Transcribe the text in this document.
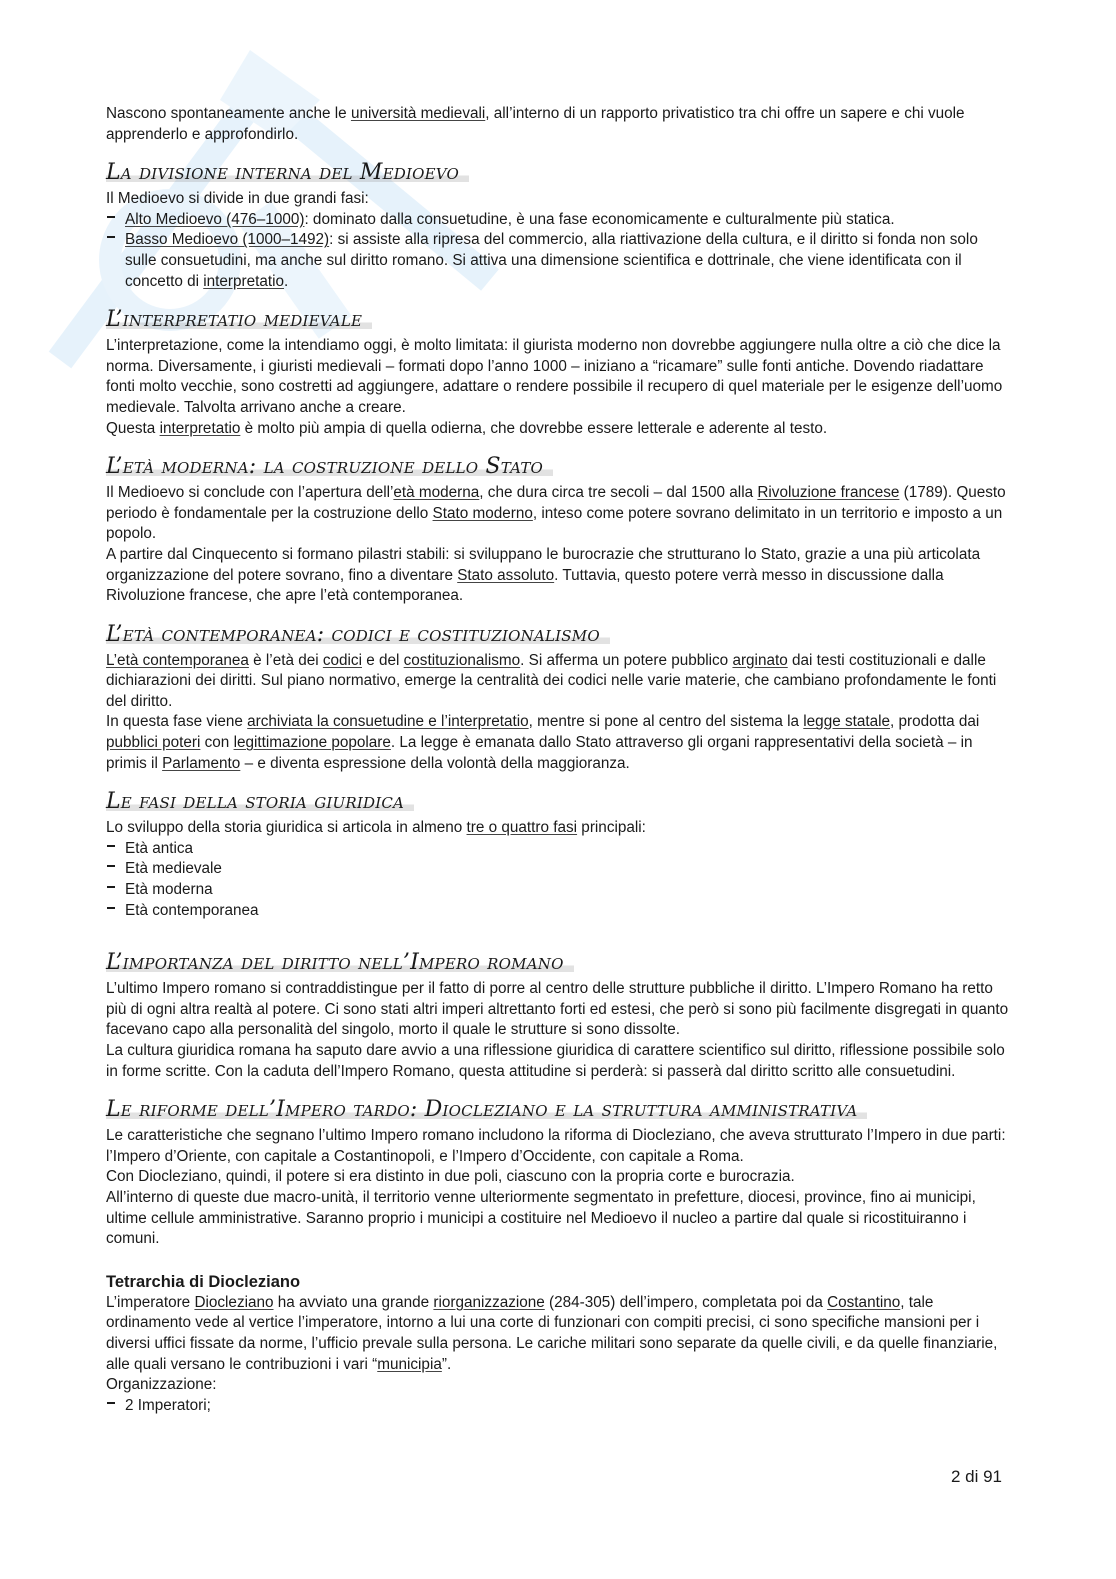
Nascono spontaneamente anche le università medievali, all’interno di un rapporto privatistico tra chi offre un sapere e chi vuole apprenderlo e approfondirlo.

La divisione interna del Medioevo

Il Medioevo si divide in due grandi fasi:

Alto Medioevo (476–1000): dominato dalla consuetudine, è una fase economicamente e culturalmente più statica.
Basso Medioevo (1000–1492): si assiste alla ripresa del commercio, alla riattivazione della cultura, e il diritto si fonda non solo sulle consuetudini, ma anche sul diritto romano. Si attiva una dimensione scientifica e dottrinale, che viene identificata con il concetto di interpretatio.
L’interpretatio medievale

L’interpretazione, come la intendiamo oggi, è molto limitata: il giurista moderno non dovrebbe aggiungere nulla oltre a ciò che dice la norma. Diversamente, i giuristi medievali – formati dopo l’anno 1000 – iniziano a “ricamare” sulle fonti antiche. Dovendo riadattare fonti molto vecchie, sono costretti ad aggiungere, adattare o rendere possibile il recupero di quel materiale per le esigenze dell’uomo medievale. Talvolta arrivano anche a creare.

Questa interpretatio è molto più ampia di quella odierna, che dovrebbe essere letterale e aderente al testo.

L’età moderna: la costruzione dello Stato

Il Medioevo si conclude con l’apertura dell’età moderna, che dura circa tre secoli – dal 1500 alla Rivoluzione francese (1789). Questo periodo è fondamentale per la costruzione dello Stato moderno, inteso come potere sovrano delimitato in un territorio e imposto a un popolo.

A partire dal Cinquecento si formano pilastri stabili: si sviluppano le burocrazie che strutturano lo Stato, grazie a una più articolata organizzazione del potere sovrano, fino a diventare Stato assoluto. Tuttavia, questo potere verrà messo in discussione dalla Rivoluzione francese, che apre l’età contemporanea.

L’età contemporanea: codici e costituzionalismo

L’età contemporanea è l’età dei codici e del costituzionalismo. Si afferma un potere pubblico arginato dai testi costituzionali e dalle dichiarazioni dei diritti. Sul piano normativo, emerge la centralità dei codici nelle varie materie, che cambiano profondamente le fonti del diritto.

In questa fase viene archiviata la consuetudine e l’interpretatio, mentre si pone al centro del sistema la legge statale, prodotta dai pubblici poteri con legittimazione popolare. La legge è emanata dallo Stato attraverso gli organi rappresentativi della società – in primis il Parlamento – e diventa espressione della volontà della maggioranza.

Le fasi della storia giuridica

Lo sviluppo della storia giuridica si articola in almeno tre o quattro fasi principali:

Età antica
Età medievale
Età moderna
Età contemporanea
L’importanza del diritto nell’Impero romano

L’ultimo Impero romano si contraddistingue per il fatto di porre al centro delle strutture pubbliche il diritto. L’Impero Romano ha retto più di ogni altra realtà al potere. Ci sono stati altri imperi altrettanto forti ed estesi, che però si sono più facilmente disgregati in quanto facevano capo alla personalità del singolo, morto il quale le strutture si sono dissolte.

La cultura giuridica romana ha saputo dare avvio a una riflessione giuridica di carattere scientifico sul diritto, riflessione possibile solo in forme scritte. Con la caduta dell’Impero Romano, questa attitudine si perderà: si passerà dal diritto scritto alle consuetudini.

Le riforme dell’Impero tardo: Diocleziano e la struttura amministrativa

Le caratteristiche che segnano l’ultimo Impero romano includono la riforma di Diocleziano, che aveva strutturato l’Impero in due parti: l’Impero d’Oriente, con capitale a Costantinopoli, e l’Impero d’Occidente, con capitale a Roma.

Con Diocleziano, quindi, il potere si era distinto in due poli, ciascuno con la propria corte e burocrazia.

All’interno di queste due macro-unità, il territorio venne ulteriormente segmentato in prefetture, diocesi, province, fino ai municipi, ultime cellule amministrative. Saranno proprio i municipi a costituire nel Medioevo il nucleo a partire dal quale si ricostituiranno i comuni.

Tetrarchia di Diocleziano

L’imperatore Diocleziano ha avviato una grande riorganizzazione (284-305) dell’impero, completata poi da Costantino, tale ordinamento vede al vertice l’imperatore, intorno a lui una corte di funzionari con compiti precisi, ci sono specifiche mansioni per i diversi uffici fissate da norme, l’ufficio prevale sulla persona. Le cariche militari sono separate da quelle civili, e da quelle finanziarie, alle quali versano le contribuzioni i vari “municipia”.

Organizzazione:

2 Imperatori;
2 di 91
